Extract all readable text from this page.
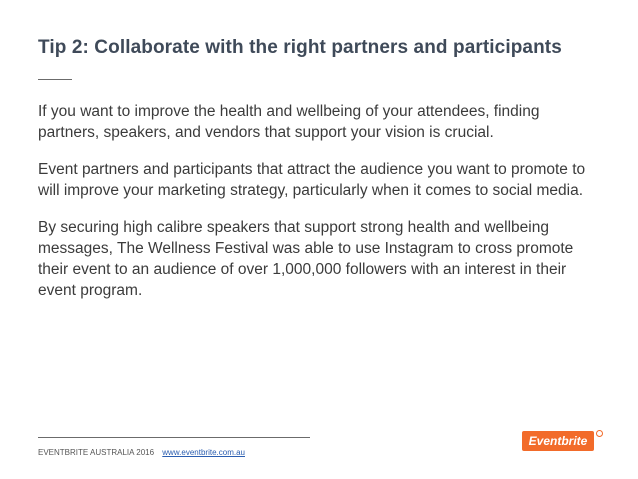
Tip 2: Collaborate with the right partners and participants

If you want to improve the health and wellbeing of your attendees, finding partners, speakers, and vendors that support your vision is crucial.

Event partners and participants that attract the audience you want to promote to will improve your marketing strategy, particularly when it comes to social media.

By securing high calibre speakers that support strong health and wellbeing messages, The Wellness Festival was able to use Instagram to cross promote their event to an audience of over 1,000,000 followers with an interest in their event program.

EVENTBRITE AUSTRALIA 2016 www.eventbrite.com.au
Eventbrite
